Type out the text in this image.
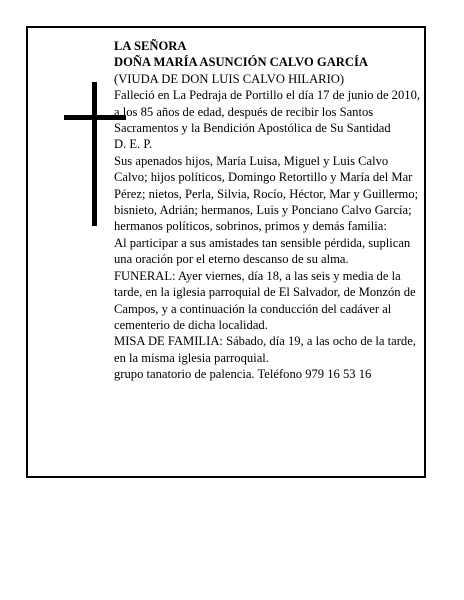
LA SEÑORA

DOÑA MARÍA ASUNCIÓN CALVO GARCÍA

(VIUDA DE DON LUIS CALVO HILARIO)

Falleció en La Pedraja de Portillo el día 17 de junio de 2010, a los 85 años de edad, después de recibir los Santos Sacramentos y la Bendición Apostólica de Su Santidad

D. E. P.

Sus apenados hijos, María Luisa, Miguel y Luis Calvo Calvo; hijos políticos, Domingo Retortillo y María del Mar Pérez; nietos, Perla, Silvia, Rocío, Héctor, Mar y Guillermo; bisnieto, Adrián; hermanos, Luis y Ponciano Calvo García; hermanos políticos, sobrinos, primos y demás familia:

Al participar a sus amistades tan sensible pérdida, suplican una oración por el eterno descanso de su alma.

FUNERAL: Ayer viernes, día 18, a las seis y media de la tarde, en la iglesia parroquial de El Salvador, de Monzón de Campos, y a continuación la conducción del cadáver al cementerio de dicha localidad.

MISA DE FAMILIA: Sábado, día 19, a las ocho de la tarde, en la misma iglesia parroquial.

grupo tanatorio de palencia. Teléfono 979 16 53 16
